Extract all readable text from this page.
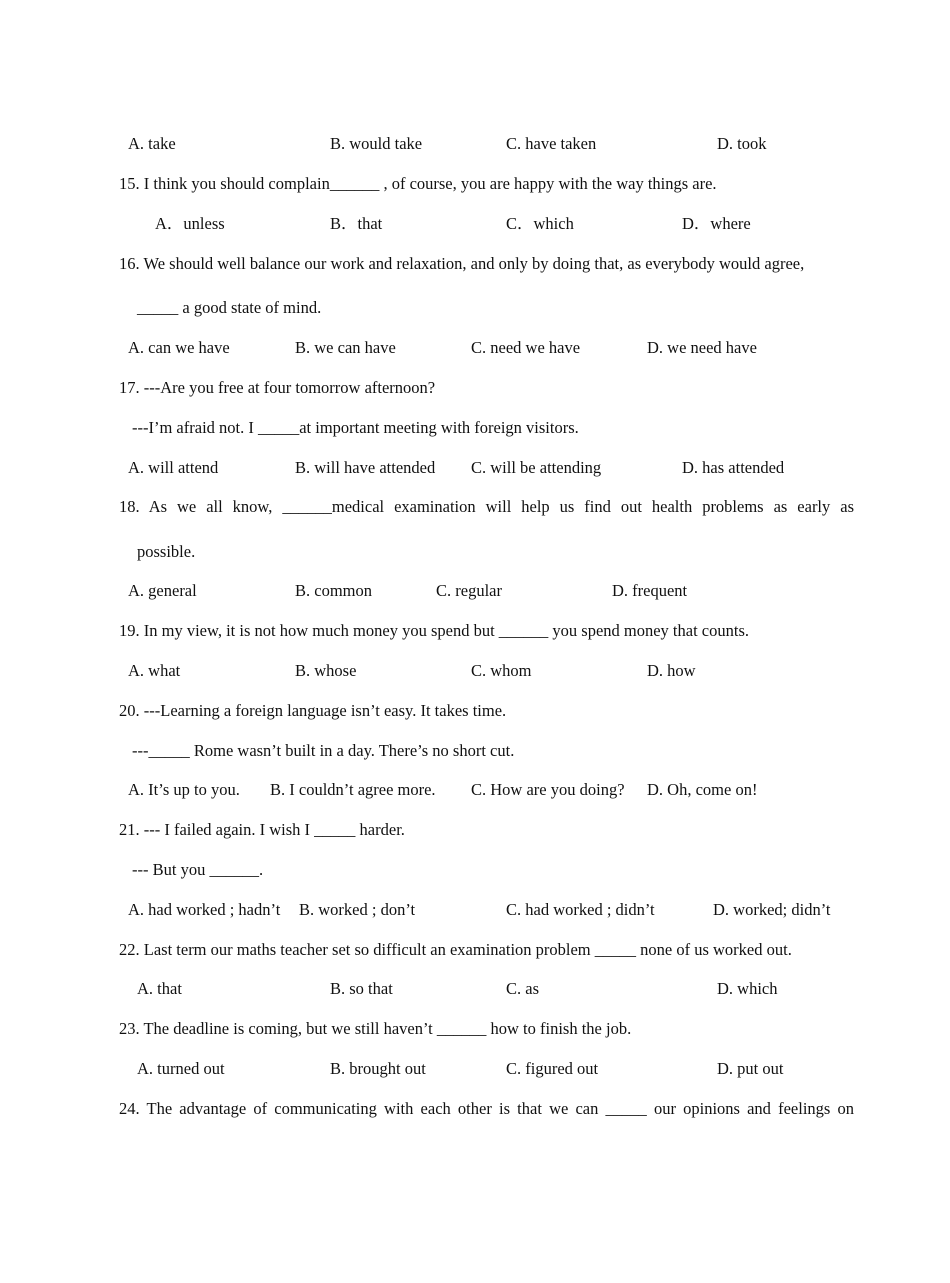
A. take	B. would take	C. have taken	D. took

15. I think you should complain______ , of course, you are happy with the way things are.

A．unless	B．that	C．which	D．where

16. We should well balance our work and relaxation, and only by doing that, as everybody would agree,

_____ a good state of mind.

A. can we have	B. we can have	C. need we have	D. we need have

17. ---Are you free at four tomorrow afternoon?

---I’m afraid not. I _____at important meeting with foreign visitors.

A. will attend	B. will have attended C. will be attending	D. has attended

18. As we all know, ______medical examination will help us find out health problems as early as

possible.

A. general	B. common	C. regular	D. frequent

19. In my view, it is not how much money you spend but ______ you spend money that counts.

A. what	B. whose	C. whom	D. how

20. ---Learning a foreign language isn’t easy. It takes time.

---_____ Rome wasn’t built in a day. There’s no short cut.

A. It’s up to you. B. I couldn’t agree more. C. How are you doing? D. Oh, come on!

21. --- I failed again. I wish I _____ harder.

--- But you ______.

A. had worked ; hadn’t B. worked ; don’t	C. had worked ; didn’t	D. worked; didn’t

22. Last term our maths teacher set so difficult an examination problem _____ none of us worked out.

A. that	B. so that	C. as	D. which

23. The deadline is coming, but we still haven’t ______ how to finish the job.

A. turned out	B. brought out	C. figured out	D. put out

24. The advantage of communicating with each other is that we can _____ our opinions and feelings on
